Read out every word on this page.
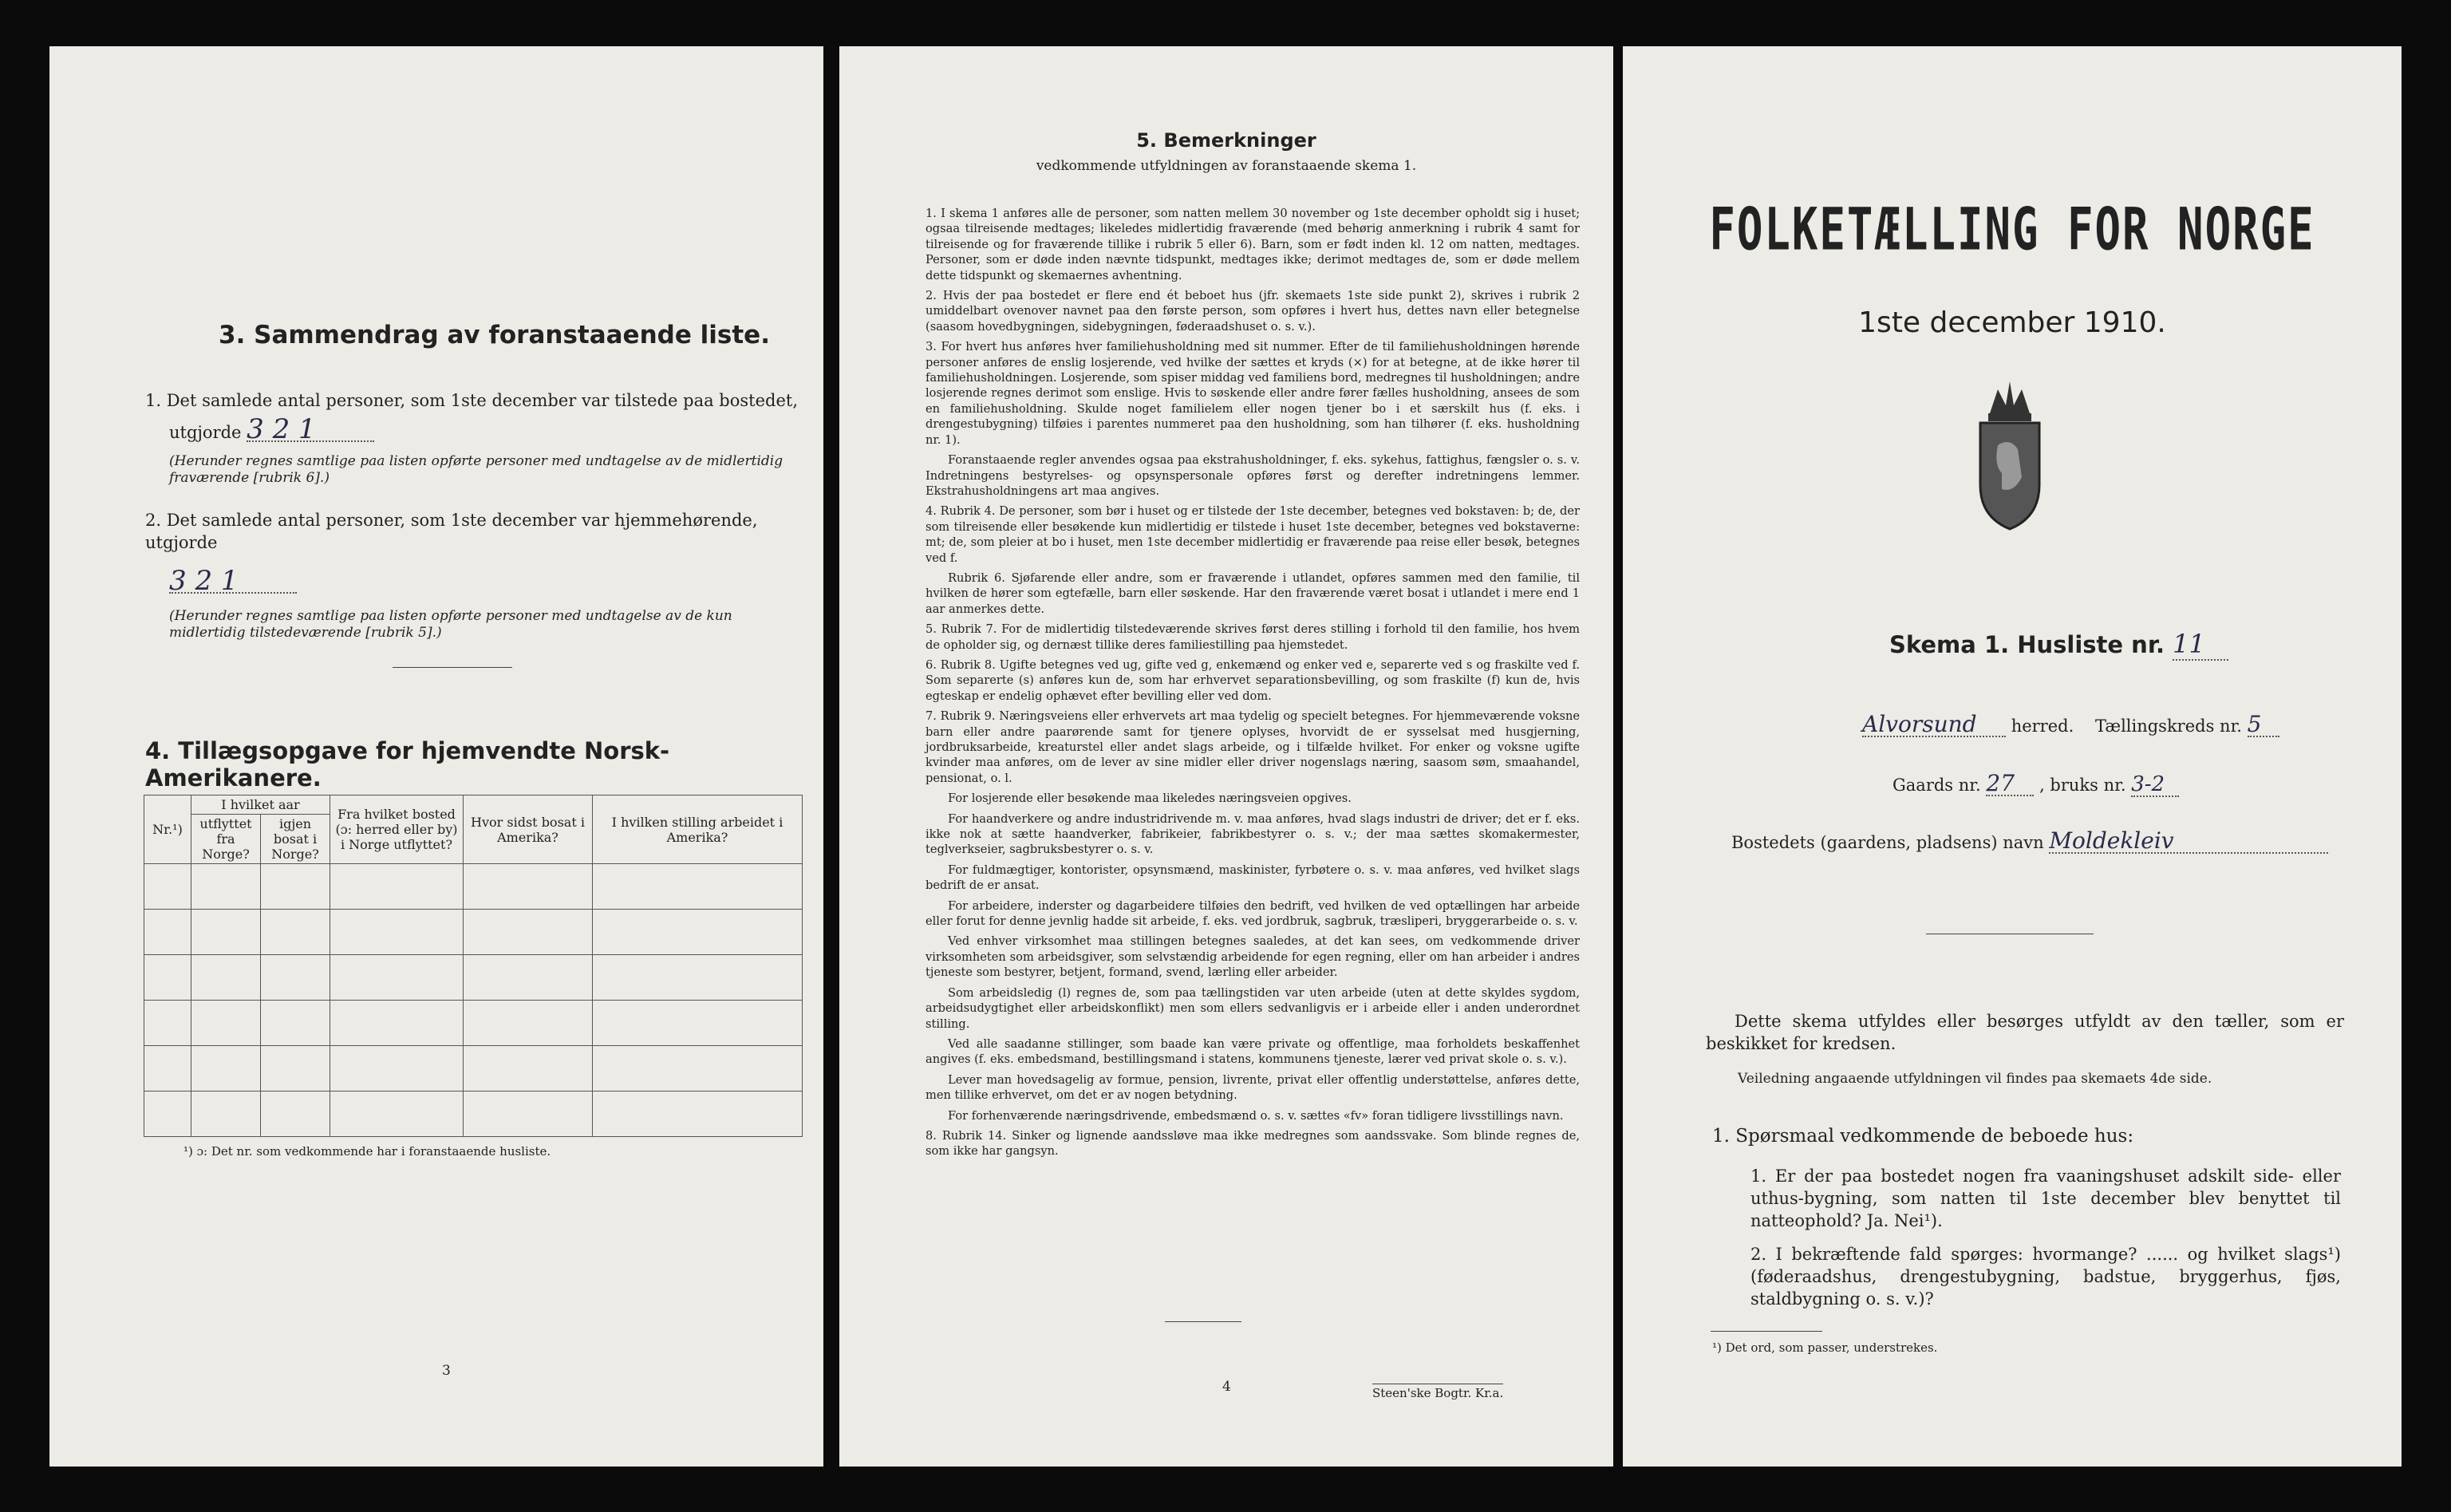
3. Sammendrag av foranstaaende liste.
1. Det samlede antal personer, som 1ste december var tilstede paa bostedet,
utgjorde 3 2 1
(Herunder regnes samtlige paa listen opførte personer med undtagelse av de midlertidig fraværende [rubrik 6].)
2. Det samlede antal personer, som 1ste december var hjemmehørende, utgjorde
3 2 1
(Herunder regnes samtlige paa listen opførte personer med undtagelse av de kun midlertidig tilstedeværende [rubrik 5].)
4. Tillægsopgave for hjemvendte Norsk-Amerikanere.
Nr.¹)	I hvilket aar		Fra hvilket bosted (ɔ: herred eller by) i Norge utflyttet?	Hvor sidst bosat i Amerika?	I hvilken stilling arbeidet i Amerika?
	utflyttet fra Norge?	igjen bosat i Norge?			

¹) ɔ: Det nr. som vedkommende har i foranstaaende husliste.
3
5. Bemerkninger
vedkommende utfyldningen av foranstaaende skema 1.

1. I skema 1 anføres alle de personer, som natten mellem 30 november og 1ste december opholdt sig i huset; ogsaa tilreisende medtages; likeledes midlertidig fraværende (med behørig anmerkning i rubrik 4 samt for tilreisende og for fraværende tillike i rubrik 5 eller 6). Barn, som er født inden kl. 12 om natten, medtages. Personer, som er døde inden nævnte tidspunkt, medtages ikke; derimot medtages de, som er døde mellem dette tidspunkt og skemaernes avhentning.

2. Hvis der paa bostedet er flere end ét beboet hus (jfr. skemaets 1ste side punkt 2), skrives i rubrik 2 umiddelbart ovenover navnet paa den første person, som opføres i hvert hus, dettes navn eller betegnelse (saasom hovedbygningen, sidebygningen, føderaadshuset o. s. v.).

3. For hvert hus anføres hver familiehusholdning med sit nummer. Efter de til familiehusholdningen hørende personer anføres de enslig losjerende, ved hvilke der sættes et kryds (×) for at betegne, at de ikke hører til familiehusholdningen. Losjerende, som spiser middag ved familiens bord, medregnes til husholdningen; andre losjerende regnes derimot som enslige. Hvis to søskende eller andre fører fælles husholdning, ansees de som en familiehusholdning. Skulde noget familielem eller nogen tjener bo i et særskilt hus (f. eks. i drengestubygning) tilføies i parentes nummeret paa den husholdning, som han tilhører (f. eks. husholdning nr. 1).

Foranstaaende regler anvendes ogsaa paa ekstrahusholdninger, f. eks. sykehus, fattighus, fængsler o. s. v. Indretningens bestyrelses- og opsynspersonale opføres først og derefter indretningens lemmer. Ekstrahusholdningens art maa angives.

4. Rubrik 4. De personer, som bør i huset og er tilstede der 1ste december, betegnes ved bokstaven: b; de, der som tilreisende eller besøkende kun midlertidig er tilstede i huset 1ste december, betegnes ved bokstaverne: mt; de, som pleier at bo i huset, men 1ste december midlertidig er fraværende paa reise eller besøk, betegnes ved f.

Rubrik 6. Sjøfarende eller andre, som er fraværende i utlandet, opføres sammen med den familie, til hvilken de hører som egtefælle, barn eller søskende. Har den fraværende været bosat i utlandet i mere end 1 aar anmerkes dette.

5. Rubrik 7. For de midlertidig tilstedeværende skrives først deres stilling i forhold til den familie, hos hvem de opholder sig, og dernæst tillike deres familiestilling paa hjemstedet.

6. Rubrik 8. Ugifte betegnes ved ug, gifte ved g, enkemænd og enker ved e, separerte ved s og fraskilte ved f. Som separerte (s) anføres kun de, som har erhvervet separationsbevilling, og som fraskilte (f) kun de, hvis egteskap er endelig ophævet efter bevilling eller ved dom.

7. Rubrik 9. Næringsveiens eller erhvervets art maa tydelig og specielt betegnes. For hjemmeværende voksne barn eller andre paarørende samt for tjenere oplyses, hvorvidt de er sysselsat med husgjerning, jordbruksarbeide, kreaturstel eller andet slags arbeide, og i tilfælde hvilket. For enker og voksne ugifte kvinder maa anføres, om de lever av sine midler eller driver nogenslags næring, saasom søm, smaahandel, pensionat, o. l.

For losjerende eller besøkende maa likeledes næringsveien opgives.

For haandverkere og andre industridrivende m. v. maa anføres, hvad slags industri de driver; det er f. eks. ikke nok at sætte haandverker, fabrikeier, fabrikbestyrer o. s. v.; der maa sættes skomakermester, teglverkseier, sagbruksbestyrer o. s. v.

For fuldmægtiger, kontorister, opsynsmænd, maskinister, fyrbøtere o. s. v. maa anføres, ved hvilket slags bedrift de er ansat.

For arbeidere, inderster og dagarbeidere tilføies den bedrift, ved hvilken de ved optællingen har arbeide eller forut for denne jevnlig hadde sit arbeide, f. eks. ved jordbruk, sagbruk, træsliperi, bryggerarbeide o. s. v.

Ved enhver virksomhet maa stillingen betegnes saaledes, at det kan sees, om vedkommende driver virksomheten som arbeidsgiver, som selvstændig arbeidende for egen regning, eller om han arbeider i andres tjeneste som bestyrer, betjent, formand, svend, lærling eller arbeider.

Som arbeidsledig (l) regnes de, som paa tællingstiden var uten arbeide (uten at dette skyldes sygdom, arbeidsudygtighet eller arbeidskonflikt) men som ellers sedvanligvis er i arbeide eller i anden underordnet stilling.

Ved alle saadanne stillinger, som baade kan være private og offentlige, maa forholdets beskaffenhet angives (f. eks. embedsmand, bestillingsmand i statens, kommunens tjeneste, lærer ved privat skole o. s. v.).

Lever man hovedsagelig av formue, pension, livrente, privat eller offentlig understøttelse, anføres dette, men tillike erhvervet, om det er av nogen betydning.

For forhenværende næringsdrivende, embedsmænd o. s. v. sættes «fv» foran tidligere livsstillings navn.

8. Rubrik 14. Sinker og lignende aandssløve maa ikke medregnes som aandssvake. Som blinde regnes de, som ikke har gangsyn.

4	Steen'ske Bogtr. Kr.a.
FOLKETÆLLING FOR NORGE
1ste december 1910.
Skema 1. Husliste nr. 11
Alvorsund herred. Tællingskreds nr. 5
Gaards nr. 27 , bruks nr. 3-2
Bostedets (gaardens, pladsens) navn Moldekleiv
Dette skema utfyldes eller besørges utfyldt av den tæller, som er beskikket for kredsen.
Veiledning angaaende utfyldningen vil findes paa skemaets 4de side.
1. Spørsmaal vedkommende de beboede hus:
1. Er der paa bostedet nogen fra vaaningshuset adskilt side- eller uthus-bygning, som natten til 1ste december blev benyttet til natteophold? Ja. Nei¹).
2. I bekræftende fald spørges: hvormange? ...... og hvilket slags¹) (føderaadshus, drengestubygning, badstue, bryggerhus, fjøs, staldbygning o. s. v.)?
¹) Det ord, som passer, understrekes.
